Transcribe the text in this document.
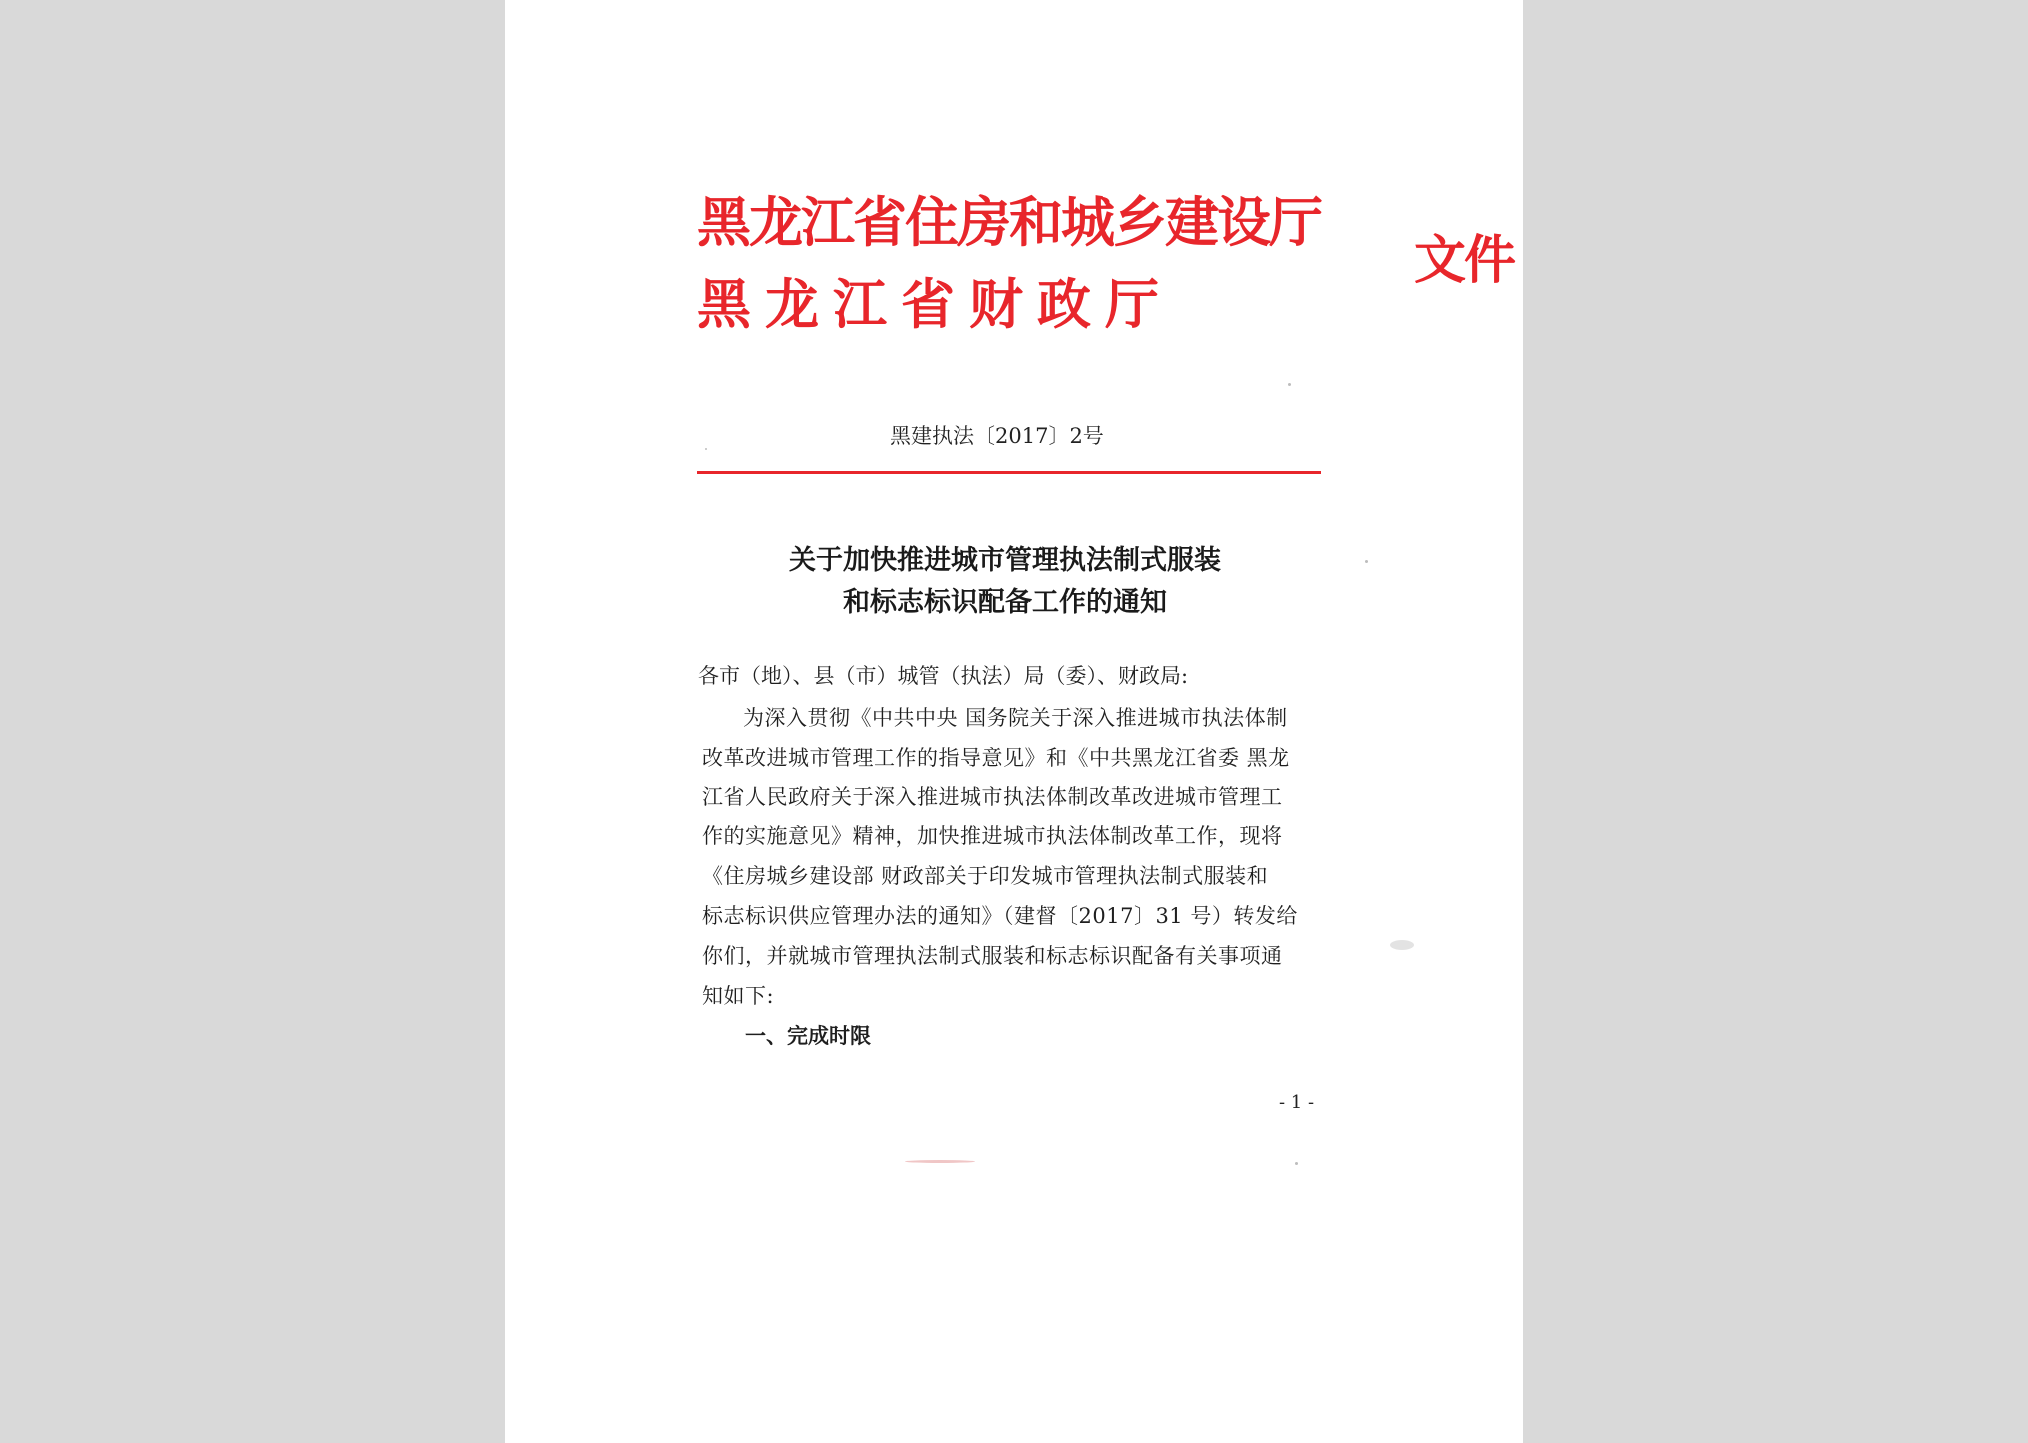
黑龙江省住房和城乡建设厅
黑龙江省财政厅
文件
黑建执法〔2017〕2号
关于加快推进城市管理执法制式服装
和标志标识配备工作的通知
各市（地）、县（市）城管（执法）局（委）、财政局:
为深入贯彻《中共中央 国务院关于深入推进城市执法体制
改革改进城市管理工作的指导意见》和《中共黑龙江省委 黑龙
江省人民政府关于深入推进城市执法体制改革改进城市管理工
作的实施意见》精神，加快推进城市执法体制改革工作，现将
《住房城乡建设部 财政部关于印发城市管理执法制式服装和
标志标识供应管理办法的通知》（建督〔2017〕31 号）转发给
你们，并就城市管理执法制式服装和标志标识配备有关事项通
知如下:
一、完成时限
- 1 -
